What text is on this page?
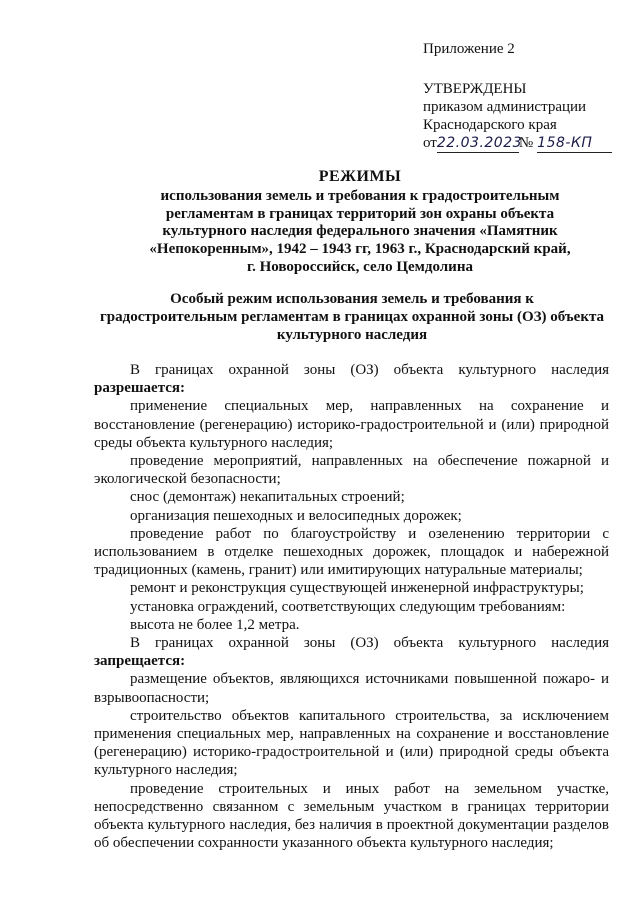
Приложение 2
УТВЕРЖДЕНЫ
приказом администрации
Краснодарского края
от22.03.2023№ 158-КП
РЕЖИМЫ
использования земель и требования к градостроительным
регламентам в границах территорий зон охраны объекта
культурного наследия федерального значения «Памятник
«Непокоренным», 1942 – 1943 гг, 1963 г., Краснодарский край,
г. Новороссийск, село Цемдолина
Особый режим использования земель и требования к
градостроительным регламентам в границах охранной зоны (ОЗ) объекта
культурного наследия

В границах охранной зоны (ОЗ) объекта культурного наследия

разрешается:

применение специальных мер, направленных на сохранение и восстановление (регенерацию) историко-градостроительной и (или) природной среды объекта культурного наследия;

проведение мероприятий, направленных на обеспечение пожарной и экологической безопасности;

снос (демонтаж) некапитальных строений;

организация пешеходных и велосипедных дорожек;

проведение работ по благоустройству и озеленению территории с использованием в отделке пешеходных дорожек, площадок и набережной традиционных (камень, гранит) или имитирующих натуральные материалы;

ремонт и реконструкция существующей инженерной инфраструктуры;

установка ограждений, соответствующих следующим требованиям:

высота не более 1,2 метра.

В границах охранной зоны (ОЗ) объекта культурного наследия

запрещается:

размещение объектов, являющихся источниками повышенной пожаро- и взрывоопасности;

строительство объектов капитального строительства, за исключением применения специальных мер, направленных на сохранение и восстановление (регенерацию) историко-градостроительной и (или) природной среды объекта культурного наследия;

проведение строительных и иных работ на земельном участке, непосредственно связанном с земельным участком в границах территории объекта культурного наследия, без наличия в проектной документации разделов об обеспечении сохранности указанного объекта культурного наследия;
